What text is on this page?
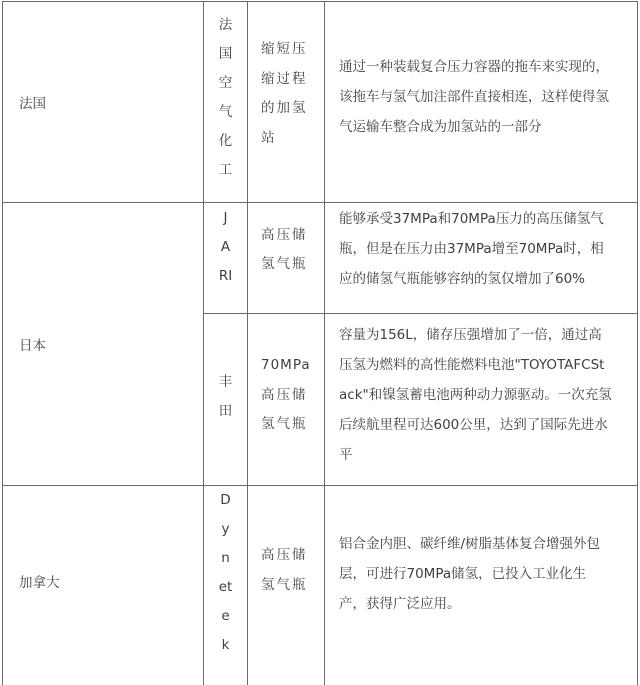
法国
法
国
空
气
化
工
缩短压
缩过程
的加氢
站
通过一种装载复合压力容器的拖车来实现的，
该拖车与氢气加注部件直接相连，这样使得氢
气运输车整合成为加氢站的一部分
日本
J
A
RI
高压储
氢气瓶
能够承受37MPa和70MPa压力的高压储氢气
瓶，但是在压力由37MPa增至70MPa时，相
应的储氢气瓶能够容纳的氢仅增加了60%
丰
田
70MPa
高压储
氢气瓶
容量为156L，储存压强增加了一倍，通过高
压氢为燃料的高性能燃料电池"TOYOTAFCSt
ack"和镍氢蓄电池两种动力源驱动。一次充氢
后续航里程可达600公里，达到了国际先进水
平
加拿大
D
y
n
et
e
k
高压储
氢气瓶
铝合金内胆、碳纤维/树脂基体复合增强外包
层，可进行70MPa储氢，已投入工业化生
产，获得广泛应用。
